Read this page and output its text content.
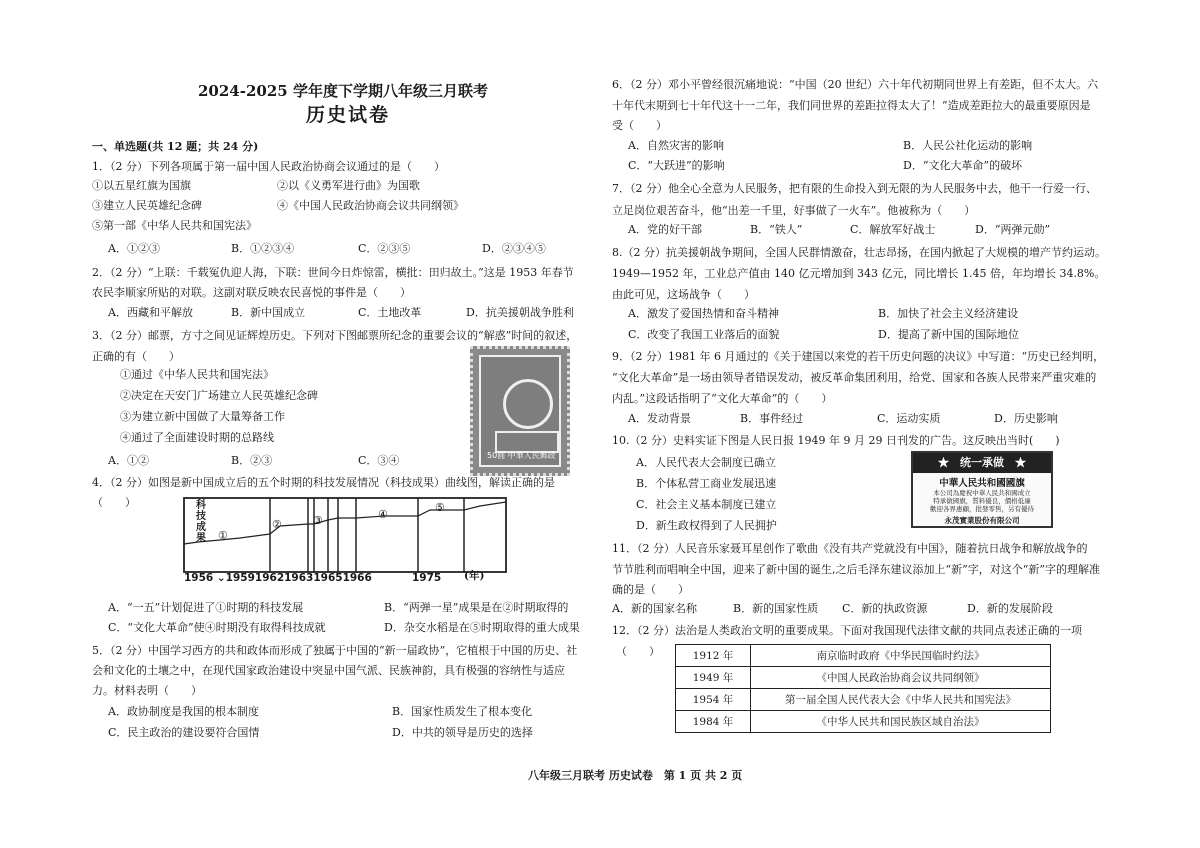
2024-2025 学年度下学期八年级三月联考
历史试卷
一、单选题(共 12 题；共 24 分)
1．（2 分）下列各项属于第一届中国人民政治协商会议通过的是（　　）
①以五星红旗为国旗	②以《义勇军进行曲》为国歌
③建立人民英雄纪念碑	④《中国人民政治协商会议共同纲领》
⑤第一部《中华人民共和国宪法》
A．①②③	B．①②③④	C．②③⑤	D．②③④⑤
2．（2 分）“上联：千载冤仇迎人海，下联：世间今日炸惊雷，横批：田归故土。”这是 1953 年春节
农民李顺家所贴的对联。这副对联反映农民喜悦的事件是（　　）
A．西藏和平解放	B．新中国成立	C．土地改革	D．抗美援朝战争胜利
3．（2 分）邮票，方寸之间见证辉煌历史。下列对下图邮票所纪念的重要会议的“解惑”时间的叙述，
正确的有（　　）
①通过《中华人民共和国宪法》
②决定在天安门广场建立人民英雄纪念碑
③为建立新中国做了大量筹备工作
④通过了全面建设时期的总路线
A．①②	B．②③	C．③④	50圆 中華人民郵政
4．（2 分）如图是新中国成立后的五个时期的科技发展情况（科技成果）曲线图，解读正确的是
（　　）	科技成果 ①
②	③	④
⑤
1956 ⌄19591962196319651966	1975 (年)
A．“一五”计划促进了①时期的科技发展	B．“两弹一星”成果是在②时期取得的
C．“文化大革命”使④时期没有取得科技成就	D．杂交水稻是在⑤时期取得的重大成果
5．（2 分）中国学习西方的共和政体而形成了独属于中国的“新一届政协”，它植根于中国的历史、社
会和文化的土壤之中，在现代国家政治建设中突显中国气派、民族神韵，具有极强的容纳性与适应
力。材料表明（　　）
A．政协制度是我国的根本制度	B．国家性质发生了根本变化
C．民主政治的建设要符合国情	D．中共的领导是历史的选择
6．（2 分）邓小平曾经很沉痛地说：“中国（20 世纪）六十年代初期同世界上有差距，但不太大。六
十年代末期到七十年代这十一二年，我们同世界的差距拉得太大了！”造成差距拉大的最重要原因是
受（　　）
A．自然灾害的影响	B．人民公社化运动的影响
C．“大跃进”的影响	D．“文化大革命”的破坏
7．（2 分）他全心全意为人民服务，把有限的生命投入到无限的为人民服务中去，他干一行爱一行、
立足岗位艰苦奋斗，他“出差一千里，好事做了一火车”。他被称为（　　）
A．党的好干部	B．“铁人”	C．解放军好战士	D．“两弹元勋”
8.（2 分）抗美援朝战争期间，全国人民群情激奋，壮志昂扬，在国内掀起了大规模的增产节约运动。
1949—1952 年，工业总产值由 140 亿元增加到 343 亿元，同比增长 1.45 倍，年均增长 34.8%。
由此可见，这场战争（　　）
A．激发了爱国热情和奋斗精神	B．加快了社会主义经济建设
C．改变了我国工业落后的面貌	D．提高了新中国的国际地位
9．（2 分）1981 年 6 月通过的《关于建国以来党的若干历史问题的决议》中写道：“历史已经判明，
“文化大革命”是一场由领导者错误发动，被反革命集团利用，给党、国家和各族人民带来严重灾难的
内乱。”这段话指明了“文化大革命”的（　　）
A．发动背景	B．事件经过	C．运动实质	D．历史影响
10.（2 分）史料实证下图是人民日报 1949 年 9 月 29 日刊发的广告。这反映出当时(　　)
A．人民代表大会制度已确立
B．个体私营工商业发展迅速
C．社会主义基本制度已建立
D．新生政权得到了人民拥护
★　统一承做　★
中華人民共和國國旗
本公司為慶祝中華人民共和國成立
特承做國旗，質料優良，價格低廉
歡迎各界惠顧，批發零售，另有優待
永茂實業股份有限公司
11．（2 分）人民音乐家聂耳星创作了歌曲《没有共产党就没有中国》，随着抗日战争和解放战争的
节节胜利而唱响全中国，迎来了新中国的诞生,之后毛泽东建议添加上“新”字，对这个“新”字的理解准
确的是（　　）
A．新的国家名称	B．新的国家性质 C．新的执政资源	D．新的发展阶段
12．（2 分）法治是人类政治文明的重要成果。下面对我国现代法律文献的共同点表述正确的一项
（　　）	1912 年	南京临时政府《中华民国临时约法》
1949 年	《中国人民政治协商会议共同纲领》
1954 年	第一届全国人民代表大会《中华人民共和国宪法》
1984 年	《中华人民共和国民族区域自治法》
八年级三月联考 历史试卷　第 1 页 共 2 页
